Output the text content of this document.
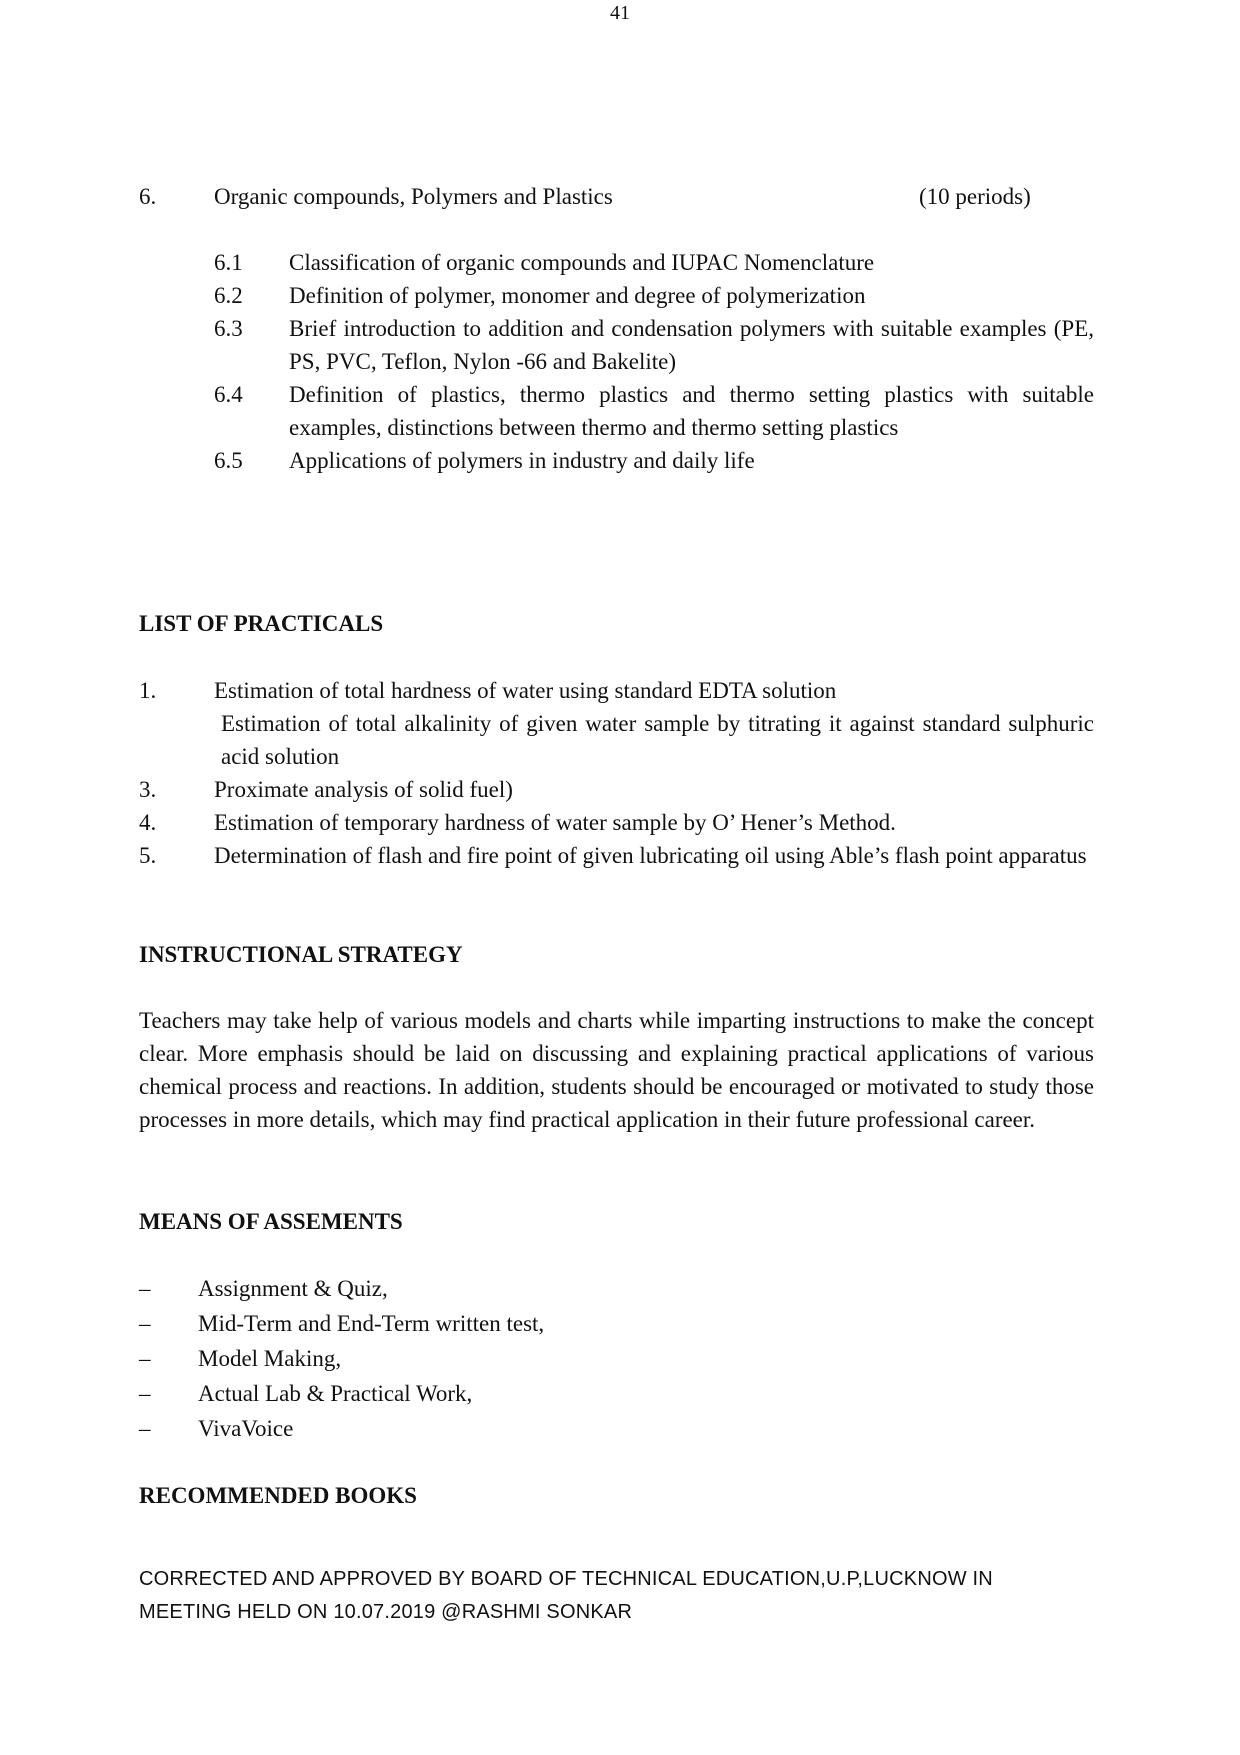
41
6.	Organic compounds, Polymers and Plastics	(10 periods)
6.1	Classification of organic compounds and IUPAC Nomenclature
6.2	Definition of polymer, monomer and degree of polymerization
6.3	Brief introduction to addition and condensation polymers with suitable examples (PE, PS, PVC, Teflon, Nylon -66 and Bakelite)
6.4	Definition of plastics, thermo plastics and thermo setting plastics with suitable examples, distinctions between thermo and thermo setting plastics
6.5	Applications of polymers in industry and daily life
LIST OF PRACTICALS
1.	Estimation of total hardness of water using standard EDTA solution
Estimation of total alkalinity of given water sample by titrating it against standard sulphuric acid solution
3.	Proximate analysis of solid fuel)
4.	Estimation of temporary hardness of water sample by O’ Hener’s Method.
5.	Determination of flash and fire point of given lubricating oil using Able’s flash point apparatus
INSTRUCTIONAL STRATEGY
Teachers may take help of various models and charts while imparting instructions to make the concept clear. More emphasis should be laid on discussing and explaining practical applications of various chemical process and reactions. In addition, students should be encouraged or motivated to study those processes in more details, which may find practical application in their future professional career.
MEANS OF ASSEMENTS
–	Assignment & Quiz,
–	Mid-Term and End-Term written test,
–	Model Making,
–	Actual Lab & Practical Work,
–	VivaVoice
RECOMMENDED BOOKS
CORRECTED AND APPROVED BY BOARD OF TECHNICAL EDUCATION,U.P,LUCKNOW IN
MEETING HELD ON 10.07.2019 @RASHMI SONKAR
